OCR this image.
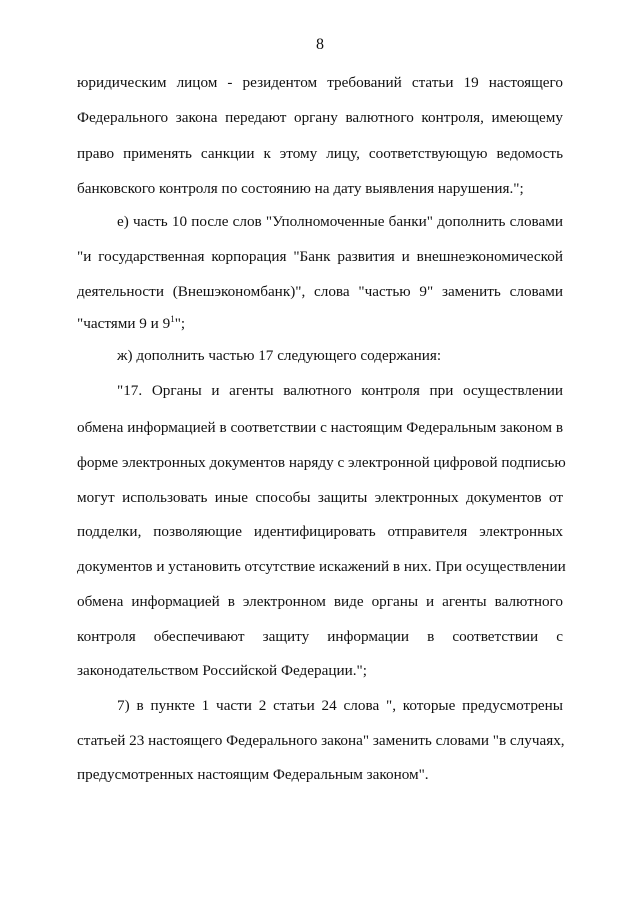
8
юридическим лицом - резидентом требований статьи 19 настоящего
Федерального закона передают органу валютного контроля, имеющему
право применять санкции к этому лицу, соответствующую ведомость
банковского контроля по состоянию на дату выявления нарушения.";
е) часть 10 после слов "Уполномоченные банки" дополнить словами
"и государственная корпорация "Банк развития и внешнеэкономической
деятельности (Внешэкономбанк)", слова "частью 9" заменить словами
"частями 9 и $9^1$";
ж) дополнить частью 17 следующего содержания:
"17. Органы и агенты валютного контроля при осуществлении
обмена информацией в соответствии с настоящим Федеральным законом в
форме электронных документов наряду с электронной цифровой подписью
могут использовать иные способы защиты электронных документов от
подделки, позволяющие идентифицировать отправителя электронных
документов и установить отсутствие искажений в них. При осуществлении
обмена информацией в электронном виде органы и агенты валютного
контроля обеспечивают защиту информации в соответствии с
законодательством Российской Федерации.";
7) в пункте 1 части 2 статьи 24 слова ", которые предусмотрены
статьей 23 настоящего Федерального закона" заменить словами "в случаях,
предусмотренных настоящим Федеральным законом".
